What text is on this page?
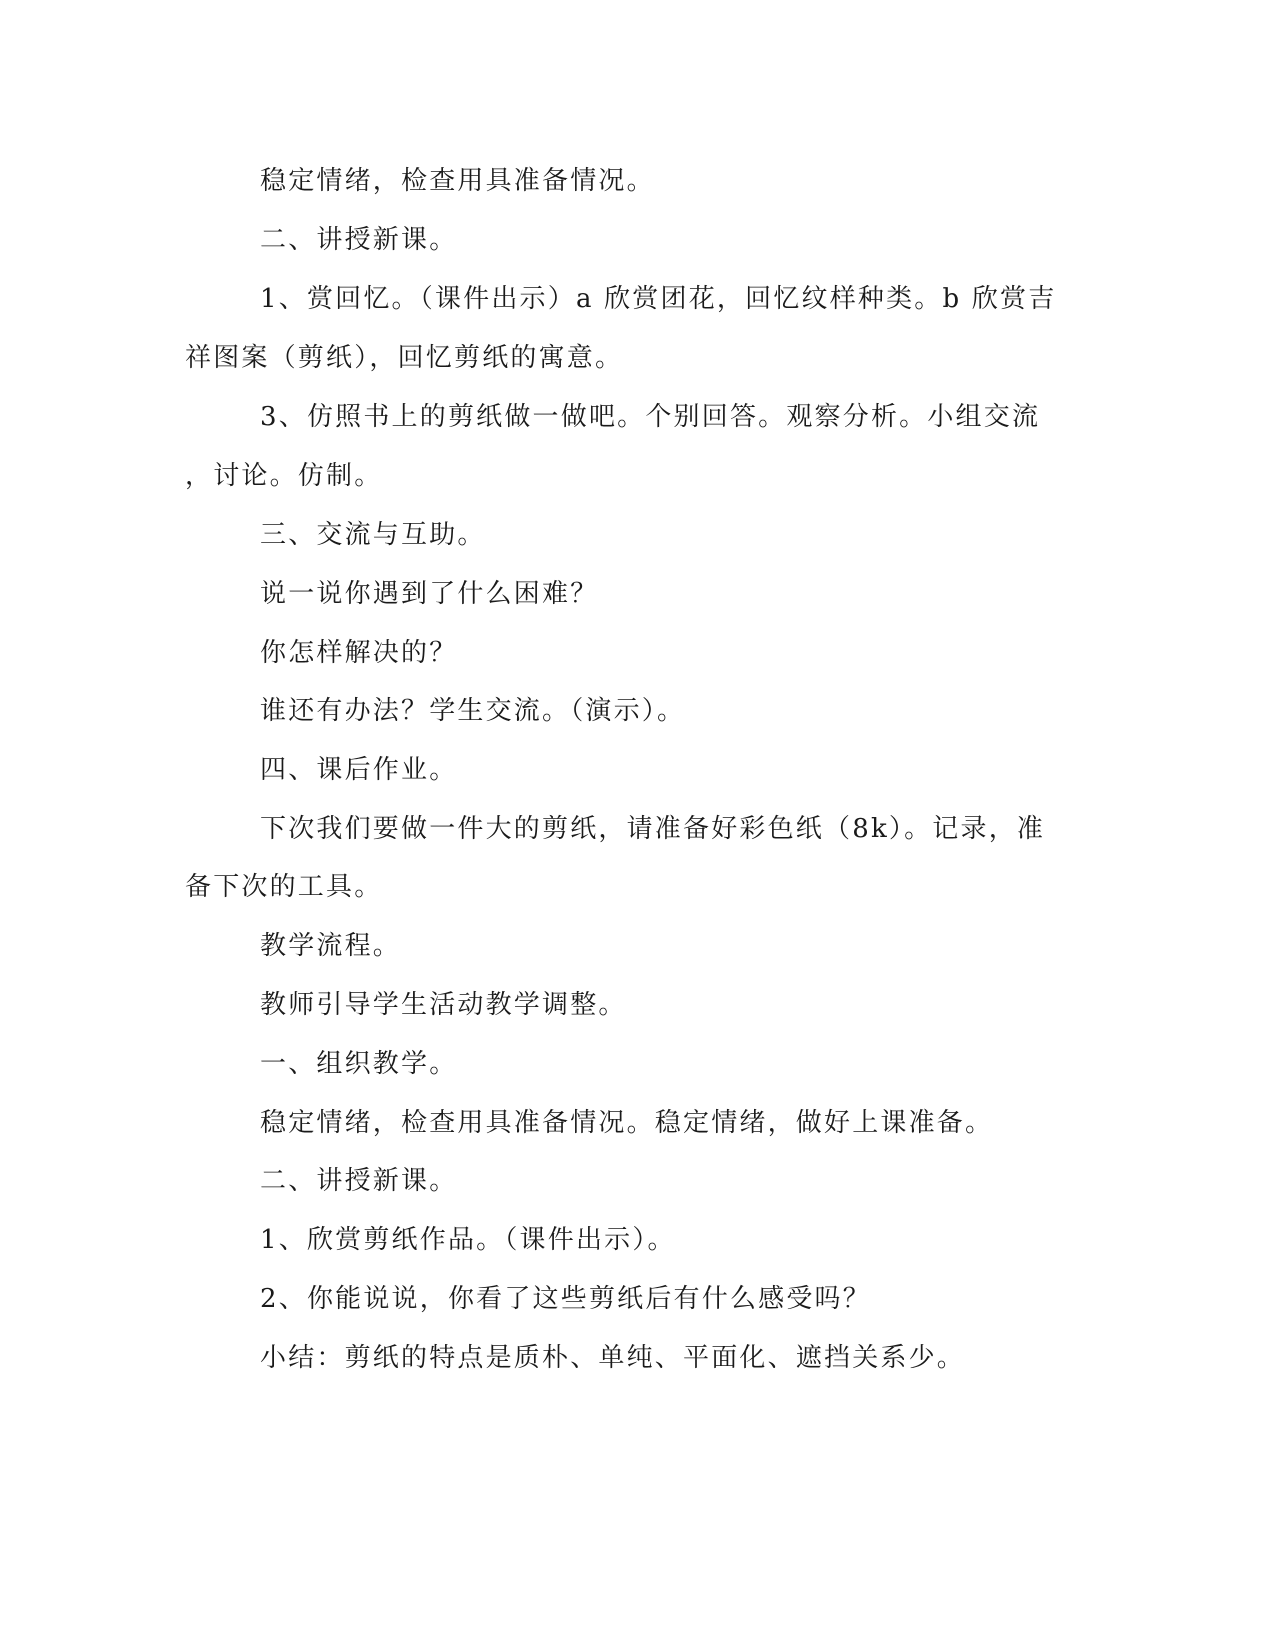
稳定情绪，检查用具准备情况。
二、讲授新课。
1、赏回忆。（课件出示）a 欣赏团花，回忆纹样种类。b 欣赏吉
祥图案（剪纸），回忆剪纸的寓意。
3、仿照书上的剪纸做一做吧。个别回答。观察分析。小组交流
，讨论。仿制。
三、交流与互助。
说一说你遇到了什么困难？
你怎样解决的？
谁还有办法？学生交流。（演示）。
四、课后作业。
下次我们要做一件大的剪纸，请准备好彩色纸（8k）。记录，准
备下次的工具。
教学流程。
教师引导学生活动教学调整。
一、组织教学。
稳定情绪，检查用具准备情况。稳定情绪，做好上课准备。
二、讲授新课。
1、欣赏剪纸作品。（课件出示）。
2、你能说说，你看了这些剪纸后有什么感受吗？
小结：剪纸的特点是质朴、单纯、平面化、遮挡关系少。
